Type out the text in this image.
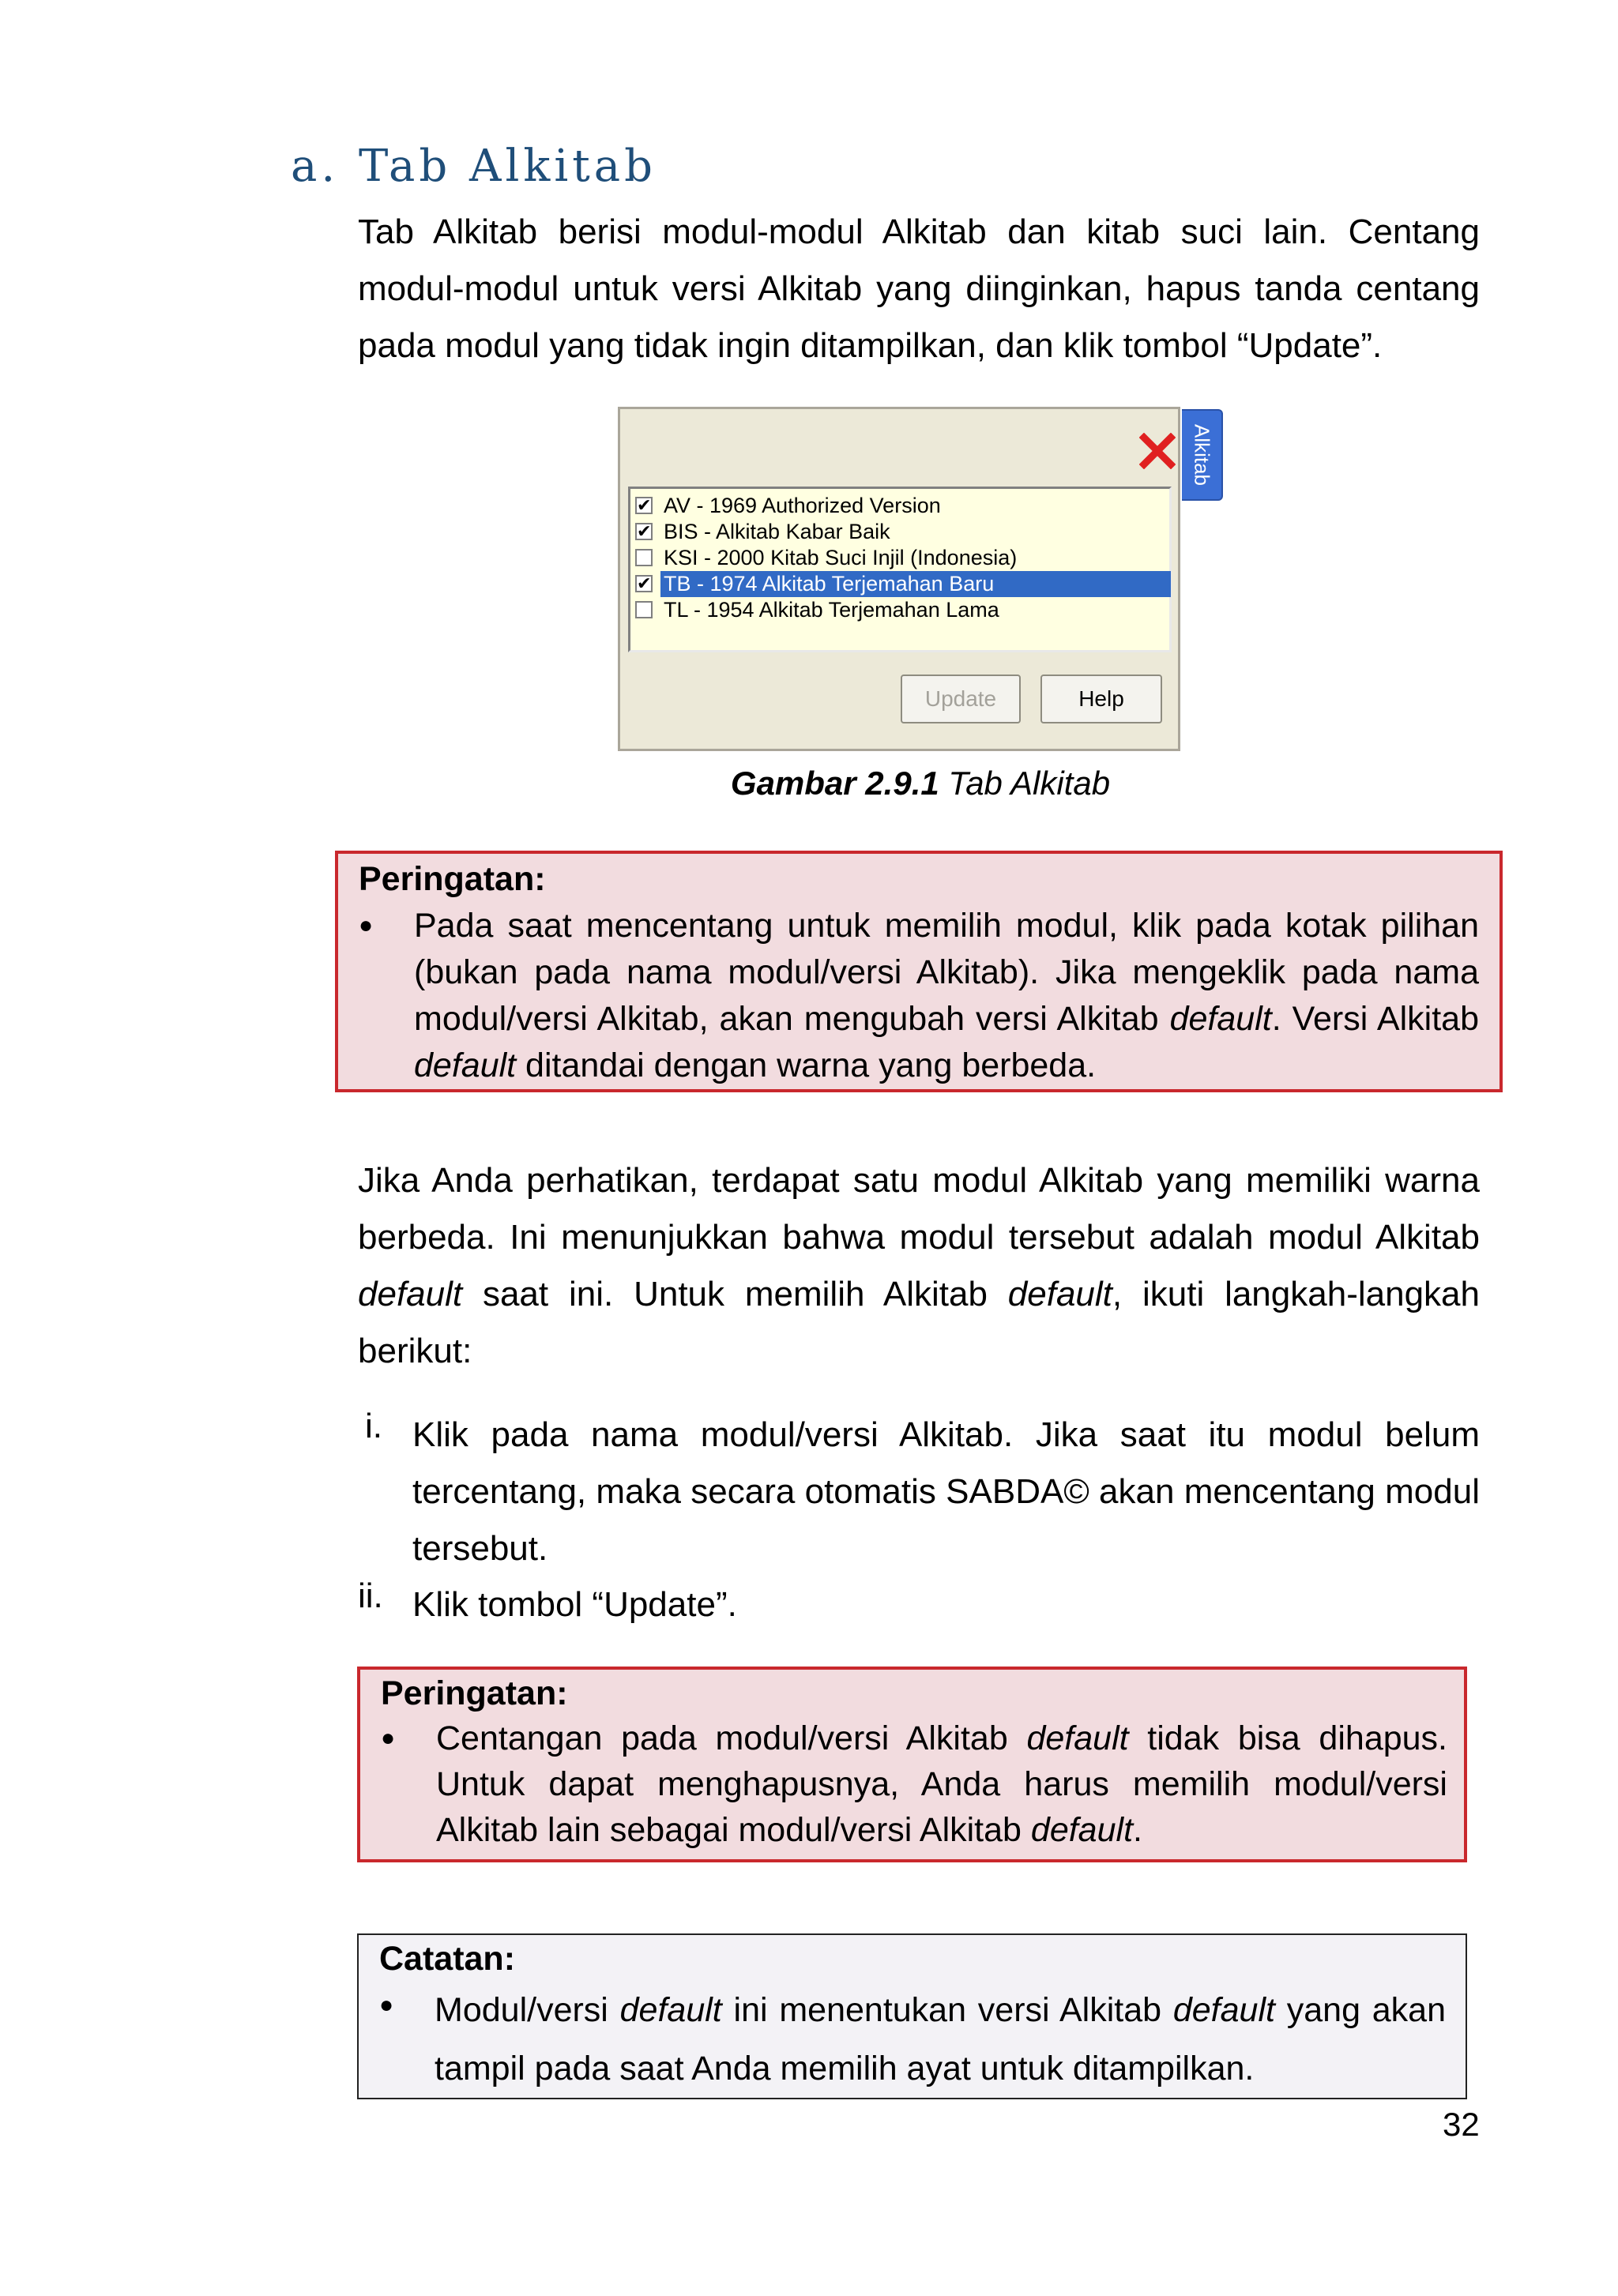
a. Tab Alkitab
Tab Alkitab berisi modul-modul Alkitab dan kitab suci lain. Centang modul-modul untuk versi Alkitab yang diinginkan, hapus tanda centang pada modul yang tidak ingin ditampilkan, dan klik tombol “Update”.
✔ AV - 1969 Authorized Version
✔ BIS - Alkitab Kabar Baik
KSI - 2000 Kitab Suci Injil (Indonesia)
✔ TB - 1974 Alkitab Terjemahan Baru
TL - 1954 Alkitab Terjemahan Lama
Update	Help
Alkitab
Gambar 2.9.1 Tab Alkitab
Peringatan:
● Pada saat mencentang untuk memilih modul, klik pada kotak pilihan (bukan pada nama modul/versi Alkitab). Jika mengeklik pada nama modul/versi Alkitab, akan mengubah versi Alkitab default. Versi Alkitab default ditandai dengan warna yang berbeda.
Jika Anda perhatikan, terdapat satu modul Alkitab yang memiliki warna berbeda. Ini menunjukkan bahwa modul tersebut adalah modul Alkitab default saat ini. Untuk memilih Alkitab default, ikuti langkah-langkah berikut:
i. Klik pada nama modul/versi Alkitab. Jika saat itu modul belum tercentang, maka secara otomatis SABDA© akan mencentang modul tersebut.
ii. Klik tombol “Update”.
Peringatan:
● Centangan pada modul/versi Alkitab default tidak bisa dihapus. Untuk dapat menghapusnya, Anda harus memilih modul/versi Alkitab lain sebagai modul/versi Alkitab default.
Catatan:
● Modul/versi default ini menentukan versi Alkitab default yang akan tampil pada saat Anda memilih ayat untuk ditampilkan.
32
